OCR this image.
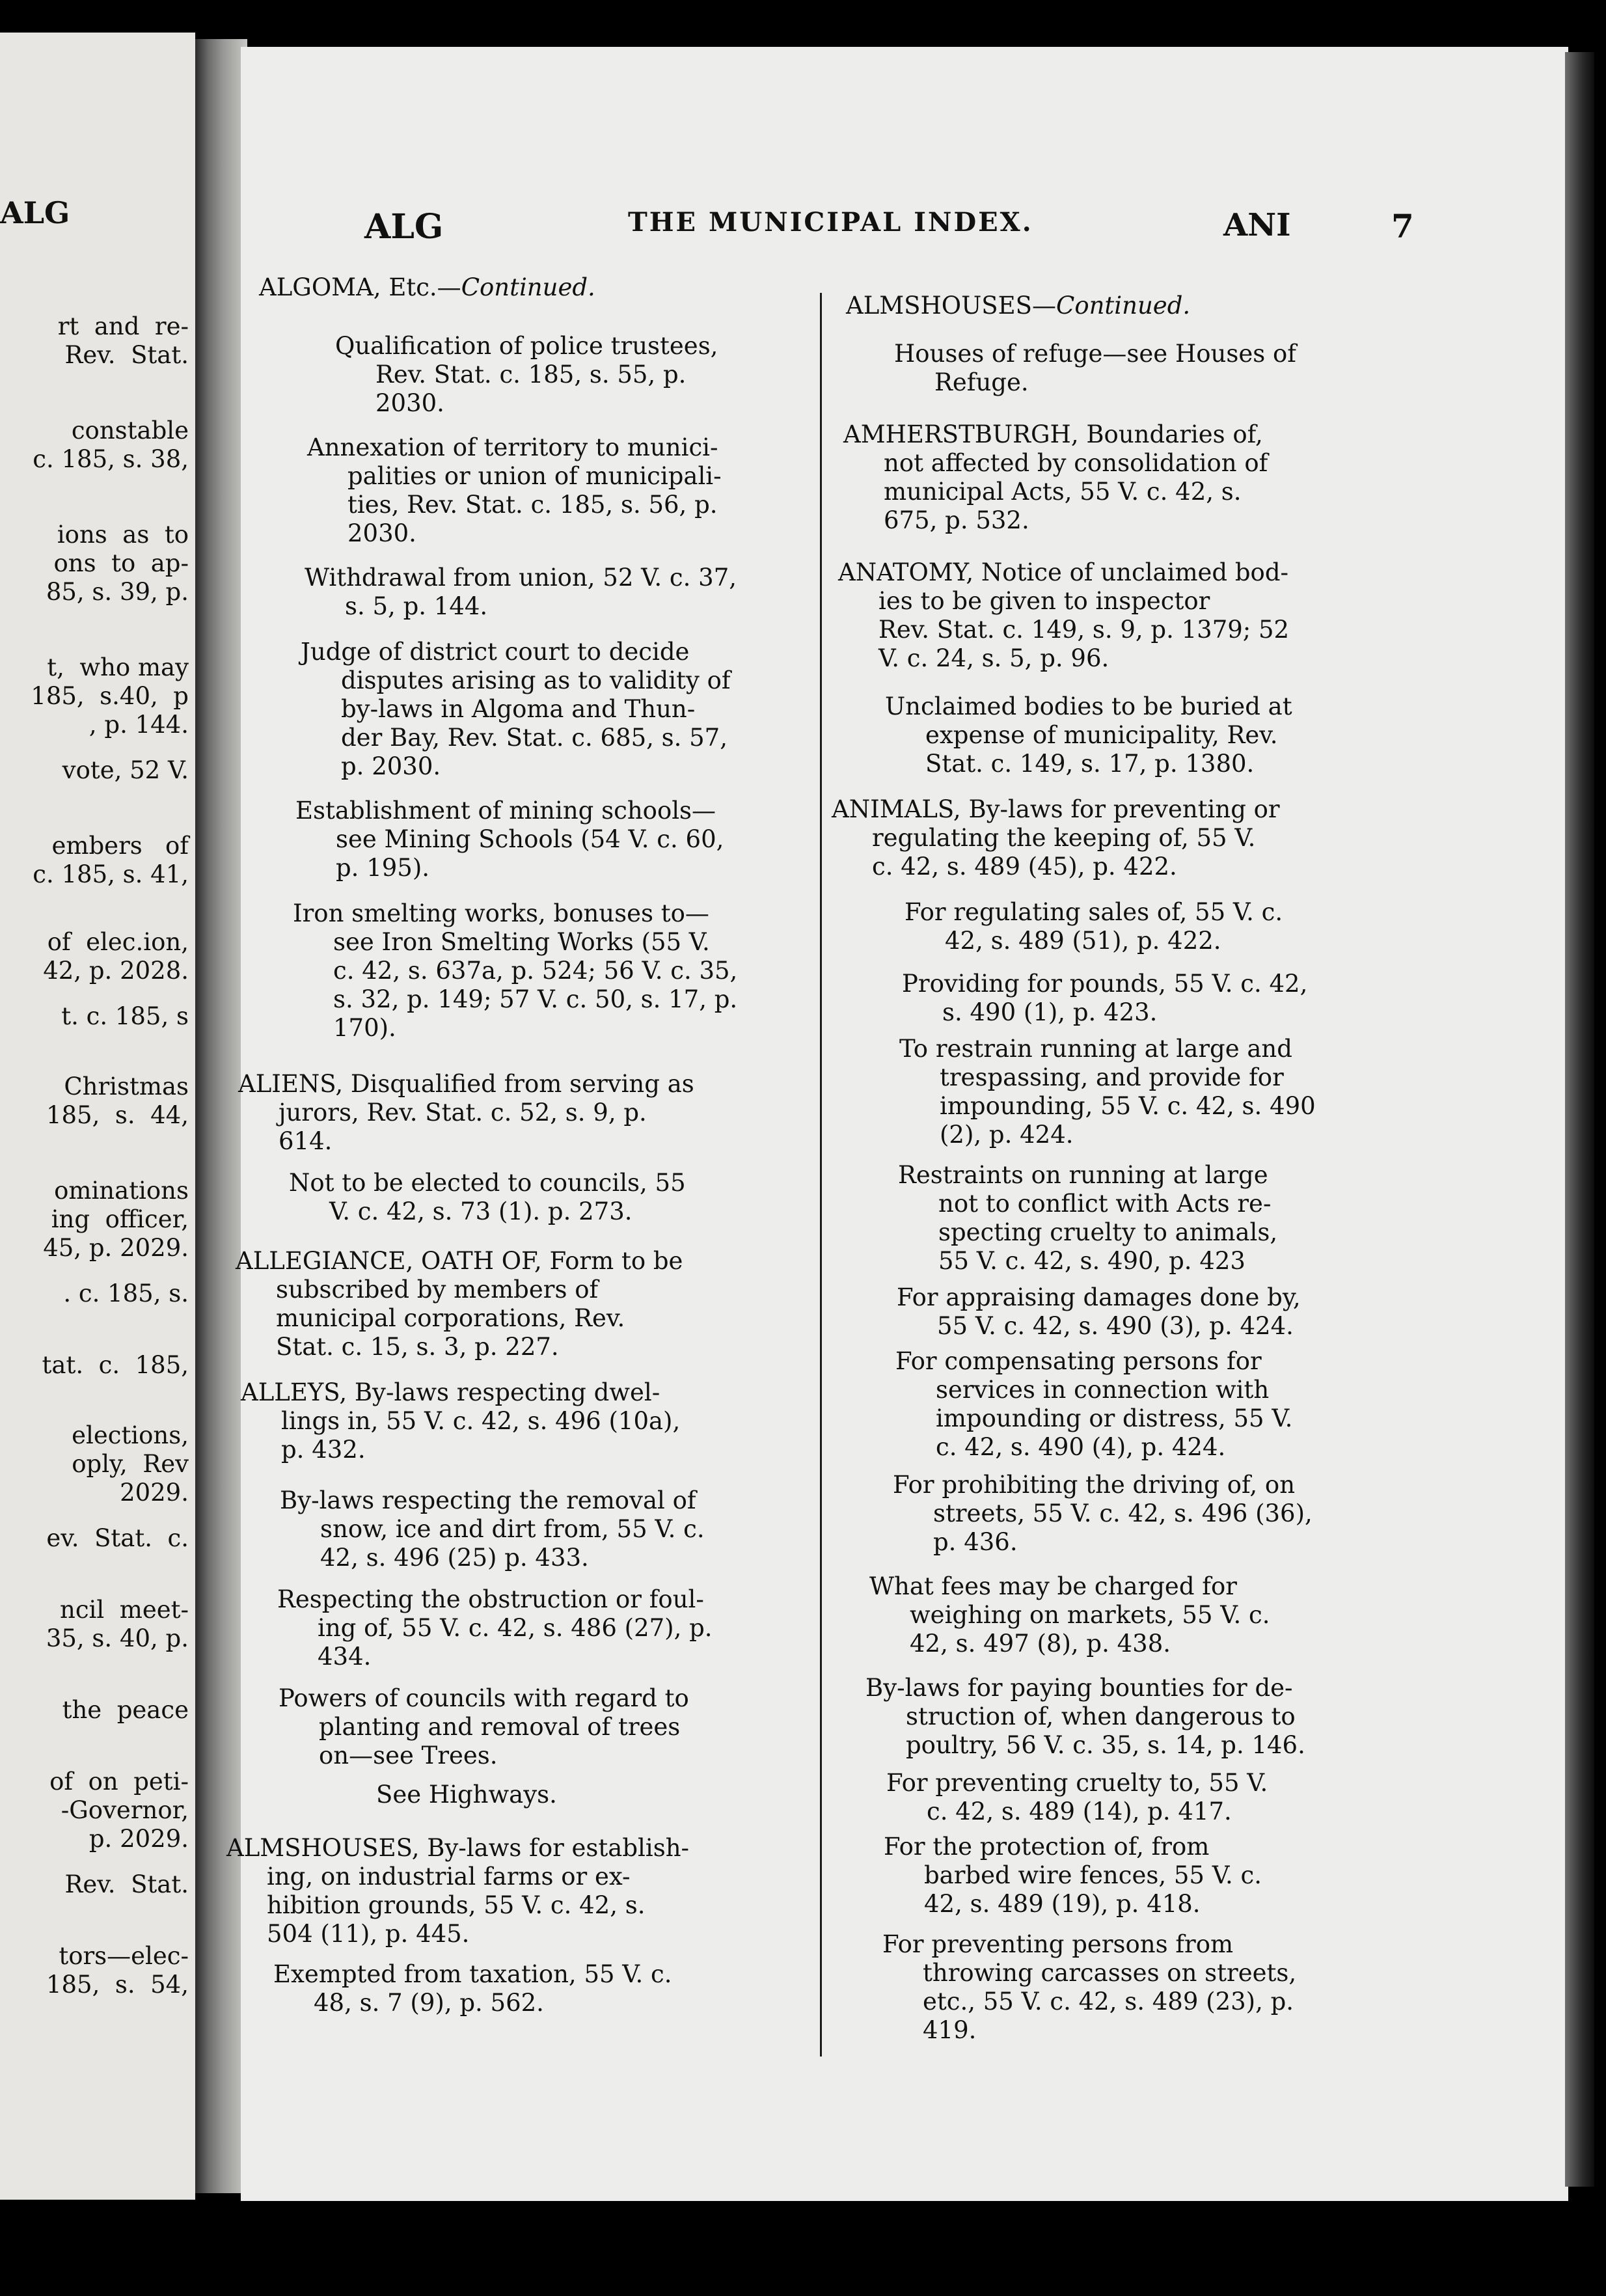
ALG
rt  and  re-
Rev.  Stat.
constable
c. 185, s. 38,
ions  as  to
ons  to  ap-
85, s. 39, p.
t,  who may
185,  s.40,  p
, p. 144.
vote, 52 V.
embers   of
c. 185, s. 41,
of  elec.ion,
42, p. 2028.
t. c. 185, s
Christmas
185,  s.  44,
ominations
ing  officer,
45, p. 2029.
. c. 185, s.
tat.  c.  185,
elections,
oply,  Rev
2029.
ev.  Stat.  c.
ncil  meet-
35, s. 40, p.
the  peace
of  on  peti-
-Governor,
p. 2029.
Rev.  Stat.
tors—elec-
185,  s.  54,
ALG	THE MUNICIPAL INDEX.	ANI	7
ALGOMA, Etc.—Continued.
Qualification of police trustees,
Rev. Stat. c. 185, s. 55, p.
2030.
Annexation of territory to munici-
palities or union of municipali-
ties, Rev. Stat. c. 185, s. 56, p.
2030.
Withdrawal from union, 52 V. c. 37,
s. 5, p. 144.
Judge of district court to decide
disputes arising as to validity of
by-laws in Algoma and Thun-
der Bay, Rev. Stat. c. 685, s. 57,
p. 2030.
Establishment of mining schools—
see Mining Schools (54 V. c. 60,
p. 195).
Iron smelting works, bonuses to—
see Iron Smelting Works (55 V.
c. 42, s. 637a, p. 524; 56 V. c. 35,
s. 32, p. 149; 57 V. c. 50, s. 17, p.
170).
ALIENS, Disqualified from serving as
jurors, Rev. Stat. c. 52, s. 9, p.
614.
Not to be elected to councils, 55
V. c. 42, s. 73 (1). p. 273.
ALLEGIANCE, OATH OF, Form to be
subscribed by members of
municipal corporations, Rev.
Stat. c. 15, s. 3, p. 227.
ALLEYS, By-laws respecting dwel-
lings in, 55 V. c. 42, s. 496 (10a),
p. 432.
By-laws respecting the removal of
snow, ice and dirt from, 55 V. c.
42, s. 496 (25) p. 433.
Respecting the obstruction or foul-
ing of, 55 V. c. 42, s. 486 (27), p.
434.
Powers of councils with regard to
planting and removal of trees
on—see Trees.
See Highways.
ALMSHOUSES, By-laws for establish-
ing, on industrial farms or ex-
hibition grounds, 55 V. c. 42, s.
504 (11), p. 445.
Exempted from taxation, 55 V. c.
48, s. 7 (9), p. 562.
ALMSHOUSES—Continued.
Houses of refuge—see Houses of
Refuge.
AMHERSTBURGH, Boundaries of,
not affected by consolidation of
municipal Acts, 55 V. c. 42, s.
675, p. 532.
ANATOMY, Notice of unclaimed bod-
ies to be given to inspector
Rev. Stat. c. 149, s. 9, p. 1379; 52
V. c. 24, s. 5, p. 96.
Unclaimed bodies to be buried at
expense of municipality, Rev.
Stat. c. 149, s. 17, p. 1380.
ANIMALS, By-laws for preventing or
regulating the keeping of, 55 V.
c. 42, s. 489 (45), p. 422.
For regulating sales of, 55 V. c.
42, s. 489 (51), p. 422.
Providing for pounds, 55 V. c. 42,
s. 490 (1), p. 423.
To restrain running at large and
trespassing, and provide for
impounding, 55 V. c. 42, s. 490
(2), p. 424.
Restraints on running at large
not to conflict with Acts re-
specting cruelty to animals,
55 V. c. 42, s. 490, p. 423
For appraising damages done by,
55 V. c. 42, s. 490 (3), p. 424.
For compensating persons for
services in connection with
impounding or distress, 55 V.
c. 42, s. 490 (4), p. 424.
For prohibiting the driving of, on
streets, 55 V. c. 42, s. 496 (36),
p. 436.
What fees may be charged for
weighing on markets, 55 V. c.
42, s. 497 (8), p. 438.
By-laws for paying bounties for de-
struction of, when dangerous to
poultry, 56 V. c. 35, s. 14, p. 146.
For preventing cruelty to, 55 V.
c. 42, s. 489 (14), p. 417.
For the protection of, from
barbed wire fences, 55 V. c.
42, s. 489 (19), p. 418.
For preventing persons from
throwing carcasses on streets,
etc., 55 V. c. 42, s. 489 (23), p.
419.
